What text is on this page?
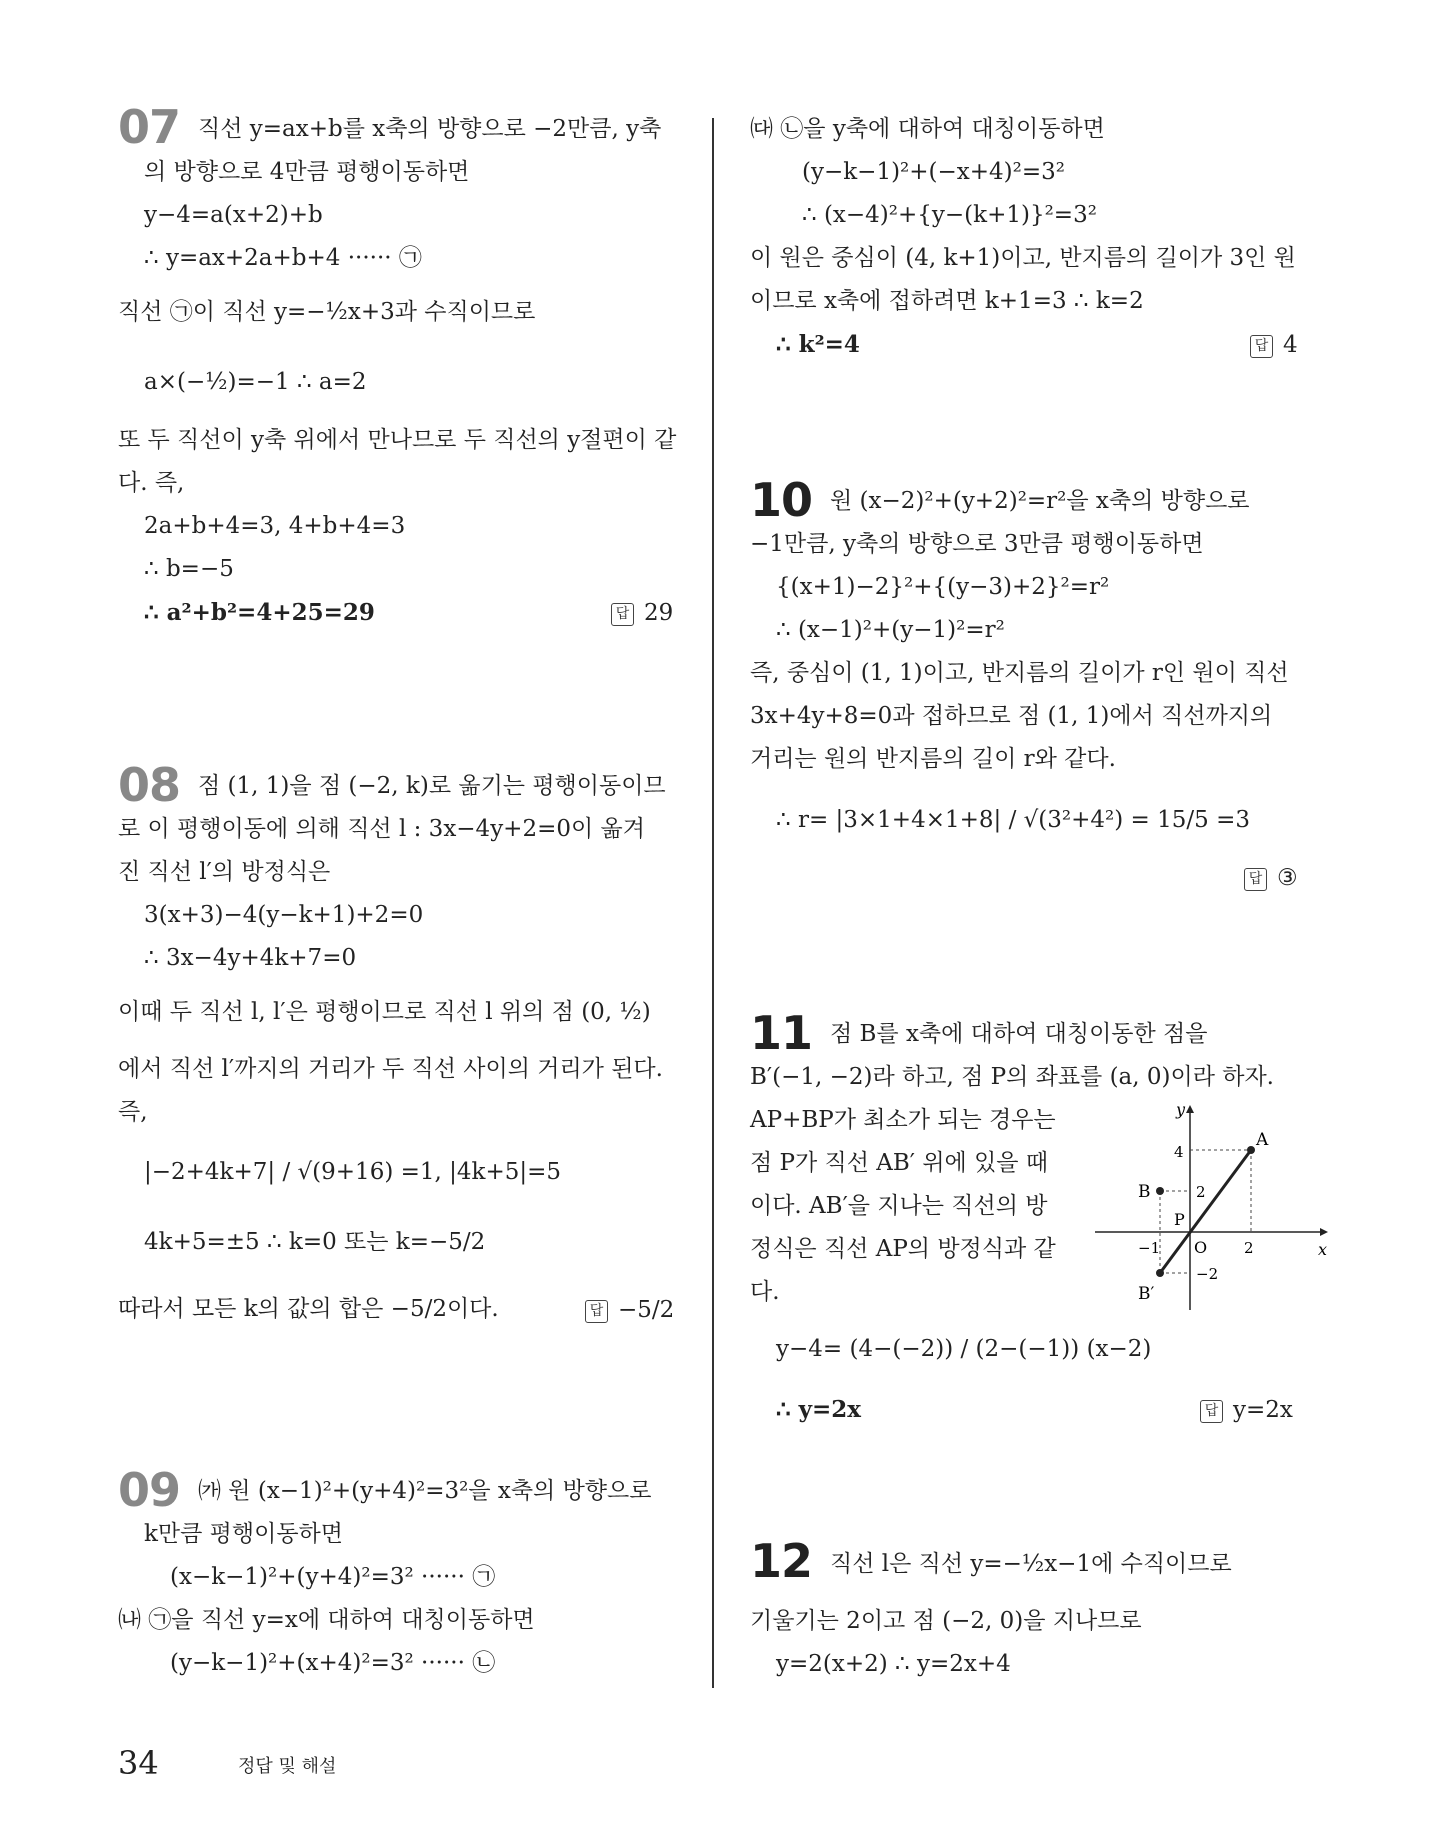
07 직선 y=ax+b를 x축의 방향으로 −2만큼, y축
의 방향으로 4만큼 평행이동하면
y−4=a(x+2)+b
∴ y=ax+2a+b+4 ······ ㉠
직선 ㉠이 직선 y=−½x+3과 수직이므로
a×(−½)=−1 ∴ a=2
또 두 직선이 y축 위에서 만나므로 두 직선의 y절편이 같
다. 즉,
2a+b+4=3, 4+b+4=3
∴ b=−5
∴ a²+b²=4+25=29	답 29
08 점 (1, 1)을 점 (−2, k)로 옮기는 평행이동이므
로 이 평행이동에 의해 직선 l : 3x−4y+2=0이 옮겨
진 직선 l′의 방정식은
3(x+3)−4(y−k+1)+2=0
∴ 3x−4y+4k+7=0
이때 두 직선 l, l′은 평행이므로 직선 l 위의 점 (0, ½)
에서 직선 l′까지의 거리가 두 직선 사이의 거리가 된다.
즉,
|−2+4k+7| / √(9+16) =1, |4k+5|=5
4k+5=±5 ∴ k=0 또는 k=−5/2
따라서 모든 k의 값의 합은 −5/2이다.	답 −5/2
09 ㈎ 원 (x−1)²+(y+4)²=3²을 x축의 방향으로
k만큼 평행이동하면
(x−k−1)²+(y+4)²=3² ······ ㉠
㈏ ㉠을 직선 y=x에 대하여 대칭이동하면
(y−k−1)²+(x+4)²=3² ······ ㉡
㈐ ㉡을 y축에 대하여 대칭이동하면
(y−k−1)²+(−x+4)²=3²
∴ (x−4)²+{y−(k+1)}²=3²
이 원은 중심이 (4, k+1)이고, 반지름의 길이가 3인 원
이므로 x축에 접하려면 k+1=3 ∴ k=2
∴ k²=4	답 4
10 원 (x−2)²+(y+2)²=r²을 x축의 방향으로
−1만큼, y축의 방향으로 3만큼 평행이동하면
{(x+1)−2}²+{(y−3)+2}²=r²
∴ (x−1)²+(y−1)²=r²
즉, 중심이 (1, 1)이고, 반지름의 길이가 r인 원이 직선
3x+4y+8=0과 접하므로 점 (1, 1)에서 직선까지의
거리는 원의 반지름의 길이 r와 같다.
∴ r= |3×1+4×1+8| / √(3²+4²) = 15/5 =3
답 ③
11 점 B를 x축에 대하여 대칭이동한 점을
B′(−1, −2)라 하고, 점 P의 좌표를 (a, 0)이라 하자.
AP+BP가 최소가 되는 경우는
점 P가 직선 AB′ 위에 있을 때
이다. AB′을 지나는 직선의 방
정식은 직선 AP의 방정식과 같
다.
y−4= (4−(−2)) / (2−(−1)) (x−2)
∴ y=2x	답 y=2x
y
x
O
4
2
−1	2
−2
A
B
P
B′
12 직선 l은 직선 y=−½x−1에 수직이므로
기울기는 2이고 점 (−2, 0)을 지나므로
y=2(x+2) ∴ y=2x+4
34	정답 및 해설
